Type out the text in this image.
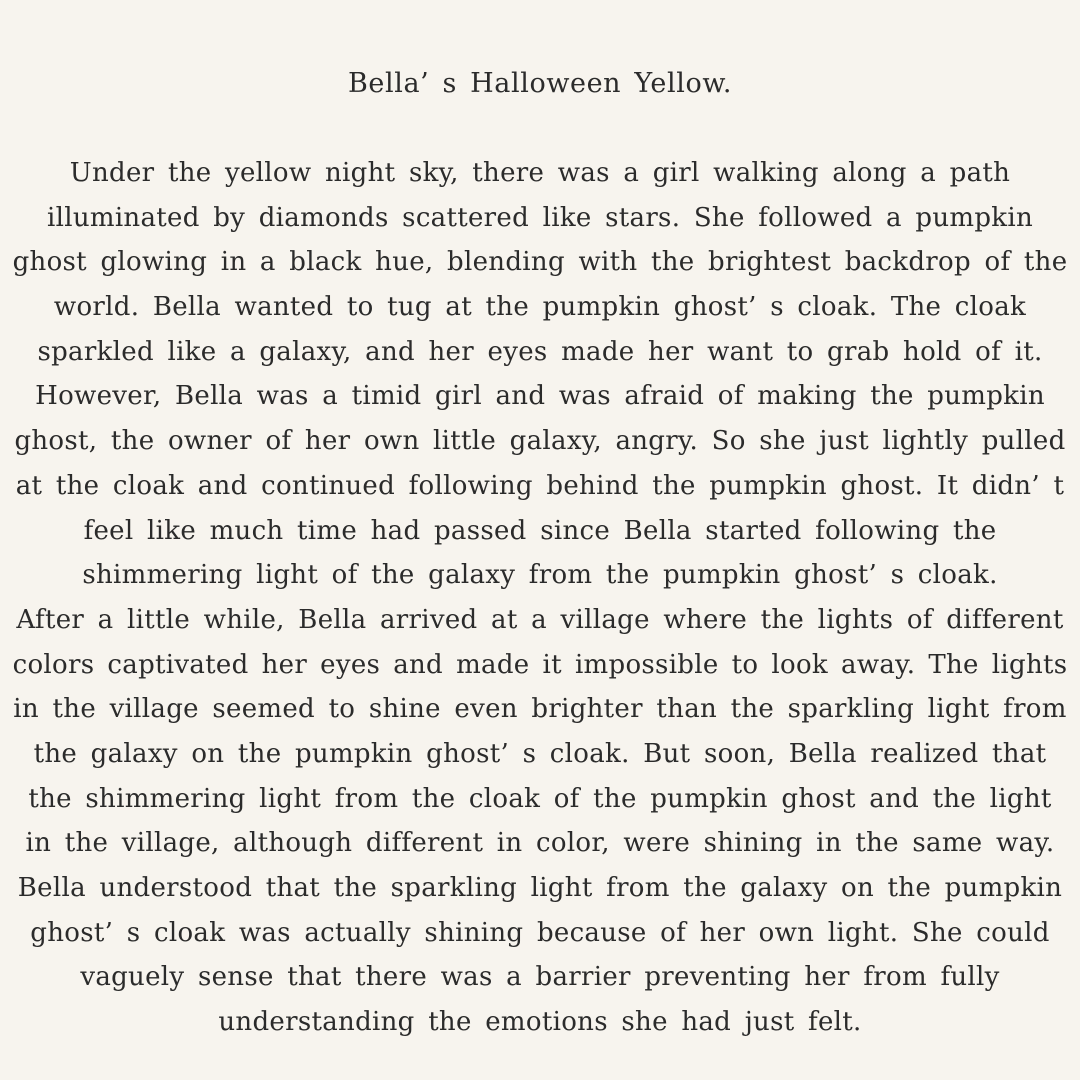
Bella’ s Halloween Yellow.
Under the yellow night sky, there was a girl walking along a path
illuminated by diamonds scattered like stars. She followed a pumpkin
ghost glowing in a black hue, blending with the brightest backdrop of the
world. Bella wanted to tug at the pumpkin ghost’ s cloak. The cloak
sparkled like a galaxy, and her eyes made her want to grab hold of it.
However, Bella was a timid girl and was afraid of making the pumpkin
ghost, the owner of her own little galaxy, angry. So she just lightly pulled
at the cloak and continued following behind the pumpkin ghost. It didn’ t
feel like much time had passed since Bella started following the
shimmering light of the galaxy from the pumpkin ghost’ s cloak.
After a little while, Bella arrived at a village where the lights of different
colors captivated her eyes and made it impossible to look away. The lights
in the village seemed to shine even brighter than the sparkling light from
the galaxy on the pumpkin ghost’ s cloak. But soon, Bella realized that
the shimmering light from the cloak of the pumpkin ghost and the light
in the village, although different in color, were shining in the same way.
Bella understood that the sparkling light from the galaxy on the pumpkin
ghost’ s cloak was actually shining because of her own light. She could
vaguely sense that there was a barrier preventing her from fully
understanding the emotions she had just felt.
